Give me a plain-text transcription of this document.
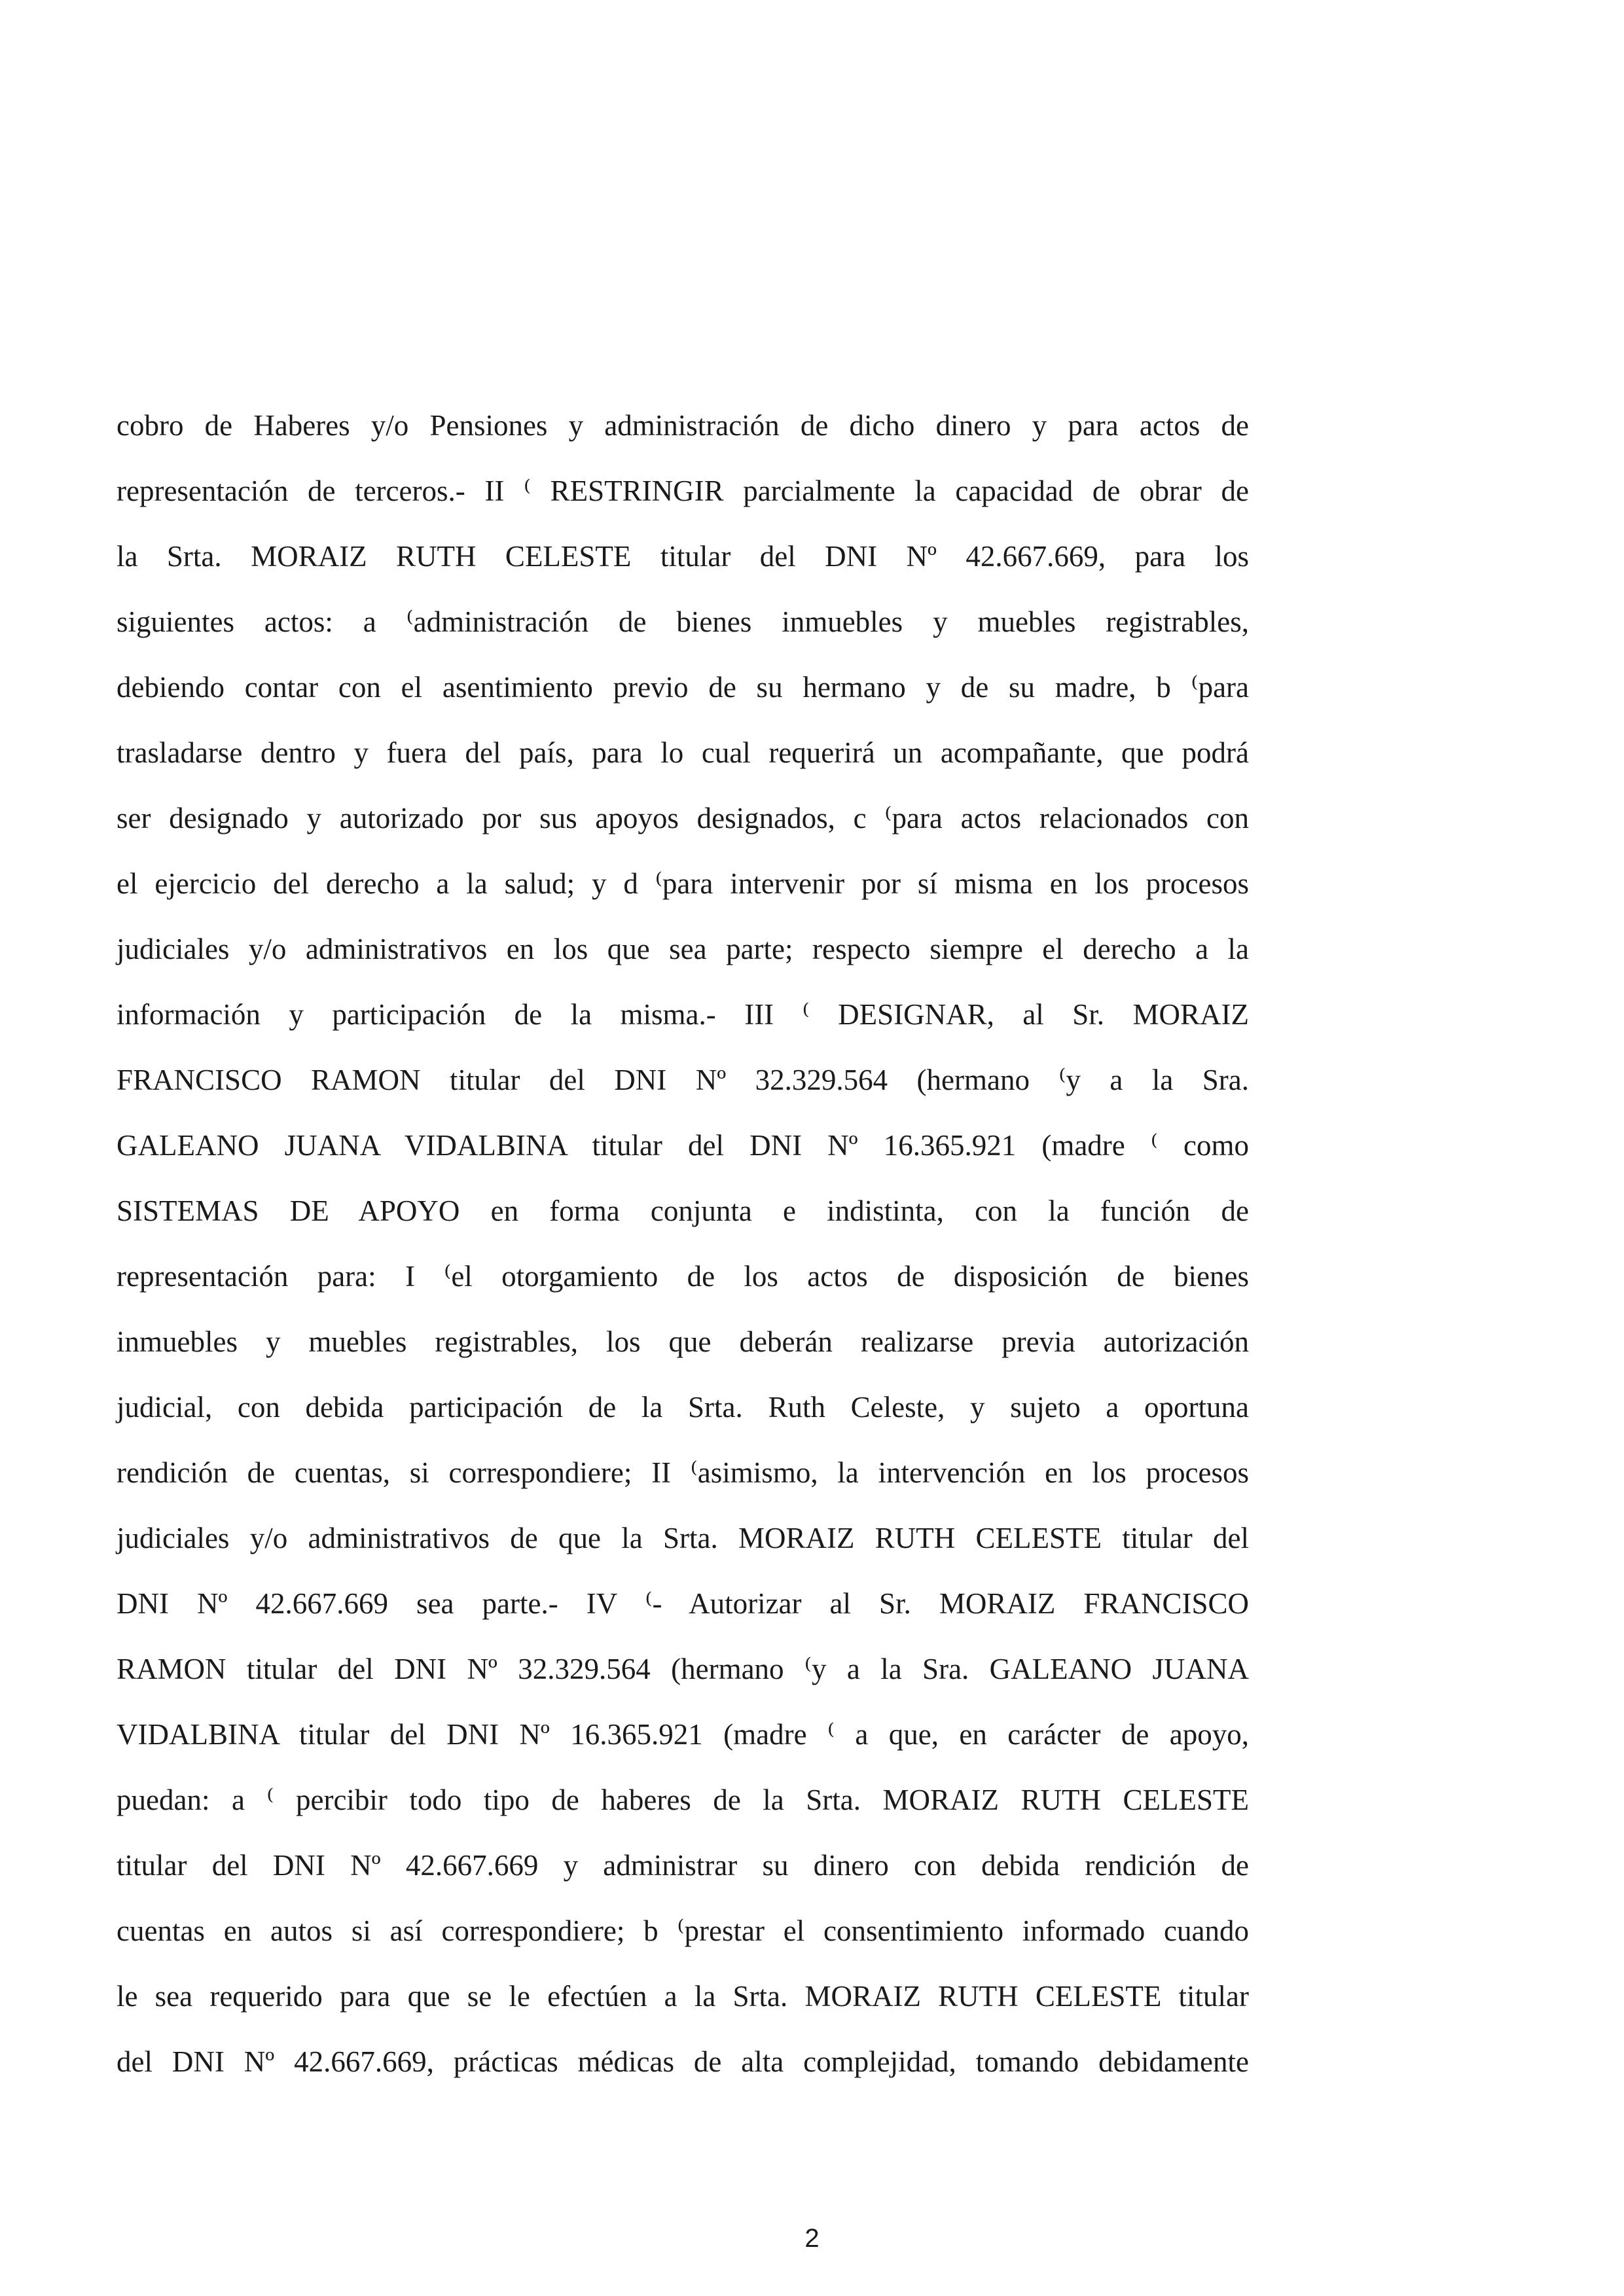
cobro de Haberes y/o Pensiones y administración de dicho dinero y para actos de
representación de terceros.- II ⁽ RESTRINGIR parcialmente la capacidad de obrar de
la Srta. MORAIZ RUTH CELESTE titular del DNI Nº 42.667.669, para los
siguientes actos: a ⁽administración de bienes inmuebles y muebles registrables,
debiendo contar con el asentimiento previo de su hermano y de su madre, b ⁽para
trasladarse dentro y fuera del país, para lo cual requerirá un acompañante, que podrá
ser designado y autorizado por sus apoyos designados, c ⁽para actos relacionados con
el ejercicio del derecho a la salud; y d ⁽para intervenir por sí misma en los procesos
judiciales y/o administrativos en los que sea parte; respecto siempre el derecho a la
información y participación de la misma.- III ⁽ DESIGNAR, al Sr. MORAIZ
FRANCISCO RAMON titular del DNI Nº 32.329.564 (hermano ⁽y a la Sra.
GALEANO JUANA VIDALBINA titular del DNI Nº 16.365.921 (madre ⁽ como
SISTEMAS DE APOYO en forma conjunta e indistinta, con la función de
representación para: I ⁽el otorgamiento de los actos de disposición de bienes
inmuebles y muebles registrables, los que deberán realizarse previa autorización
judicial, con debida participación de la Srta. Ruth Celeste, y sujeto a oportuna
rendición de cuentas, si correspondiere; II ⁽asimismo, la intervención en los procesos
judiciales y/o administrativos de que la Srta. MORAIZ RUTH CELESTE titular del
DNI Nº 42.667.669 sea parte.- IV ⁽- Autorizar al Sr. MORAIZ FRANCISCO
RAMON titular del DNI Nº 32.329.564 (hermano ⁽y a la Sra. GALEANO JUANA
VIDALBINA titular del DNI Nº 16.365.921 (madre ⁽ a que, en carácter de apoyo,
puedan: a ⁽ percibir todo tipo de haberes de la Srta. MORAIZ RUTH CELESTE
titular del DNI Nº 42.667.669 y administrar su dinero con debida rendición de
cuentas en autos si así correspondiere; b ⁽prestar el consentimiento informado cuando
le sea requerido para que se le efectúen a la Srta. MORAIZ RUTH CELESTE titular
del DNI Nº 42.667.669, prácticas médicas de alta complejidad, tomando debidamente
2
